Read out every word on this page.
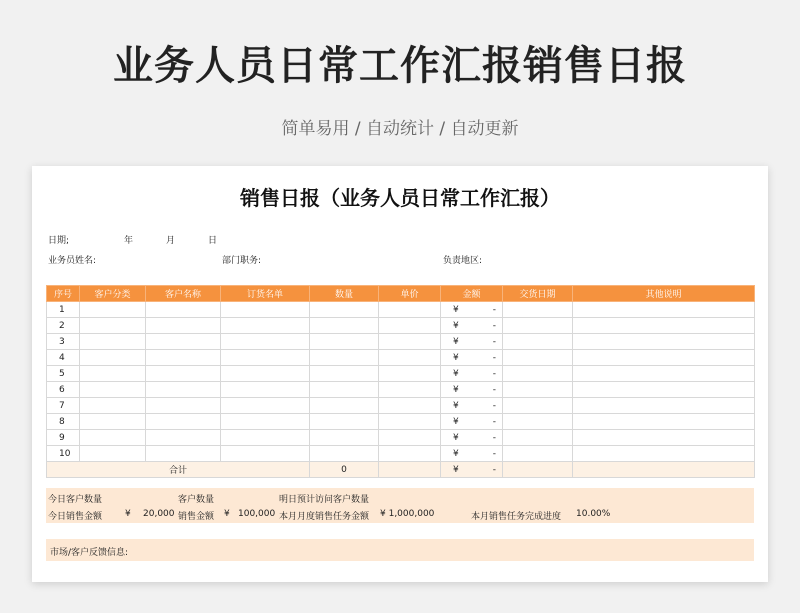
业务人员日常工作汇报销售日报
简单易用 / 自动统计 / 自动更新
销售日报（业务人员日常工作汇报）
日期;	年	月	日
业务员姓名:	部门职务:	负责地区:
序号	客户分类	客户名称	订货名单	数量	单价	金额	交货日期	其他说明
1						¥ -		

2						¥ -		

3						¥ -		

4						¥ -		

5						¥ -		

6						¥ -		

7						¥ -		

8						¥ -		

9						¥ -		

10						¥ -		

合计				0		¥ -		

今日客户数量	客户数量	明日预计访问客户数量
今日销售金额	¥ 20,000 销售金额 ¥ 100,000 本月月度销售任务金额 ¥ 1,000,000	本月销售任务完成进度 10.00%
市场/客户反馈信息:
